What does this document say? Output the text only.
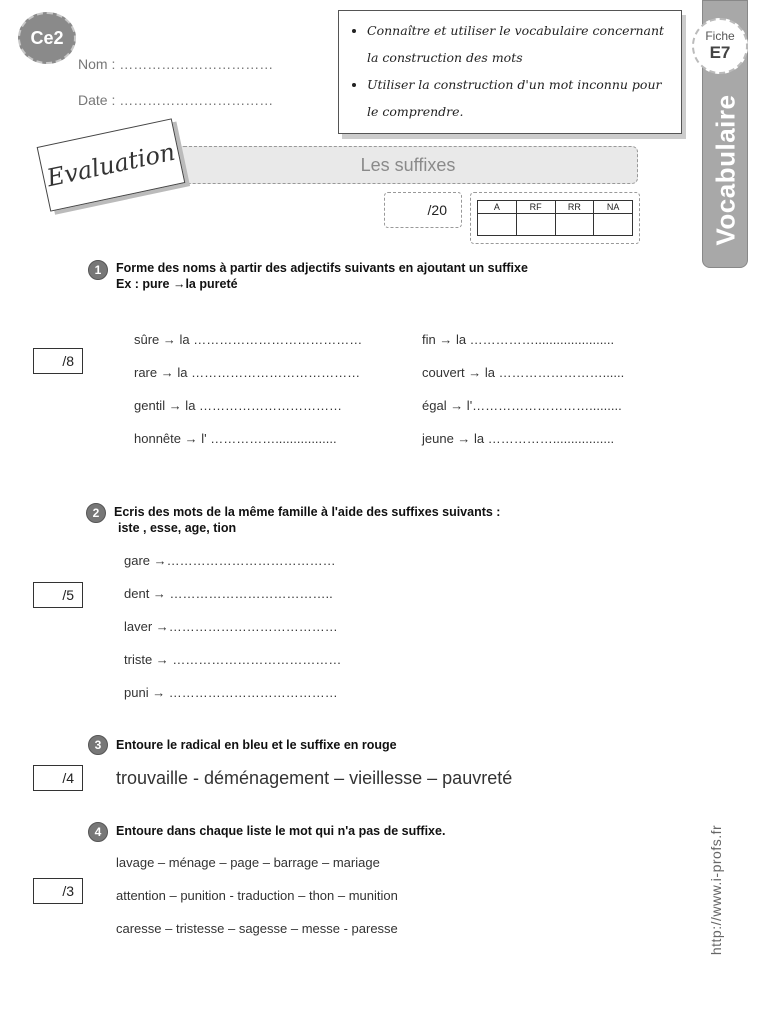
Ce2
Nom : ……………………………
Date : ……………………………
• Connaître et utiliser le vocabulaire concernant la construction des mots
• Utiliser la construction d'un mot inconnu pour le comprendre.	Vocabulaire
Fiche
E7
Les suffixes
Evaluation
/20	A	RF	RR	NA

1	Forme des noms à partir des adjectifs suivants en ajoutant un suffixe
Ex : pure →la pureté
/8
sûre → la …………………………………
rare → la …………………………………
gentil → la ……………………………
honnête → l' …………….................
fin → la ……………......................
couvert → la ……………………......
égal → l'……………………….........
jeune → la …………….................
2	Ecris des mots de la même famille à l'aide des suffixes suivants :
iste , esse, age, tion
/5
gare →…………………………………
dent → ………………………………..
laver →…………………………………
triste → …………………………………
puni → …………………………………
3	Entoure le radical en bleu et le suffixe en rouge
/4	trouvaille - déménagement – vieillesse – pauvreté
4	Entoure dans chaque liste le mot qui n'a pas de suffixe.
/3
lavage – ménage – page – barrage – mariage
attention – punition - traduction – thon – munition
caresse – tristesse – sagesse – messe - paresse	http://www.i-profs.fr
